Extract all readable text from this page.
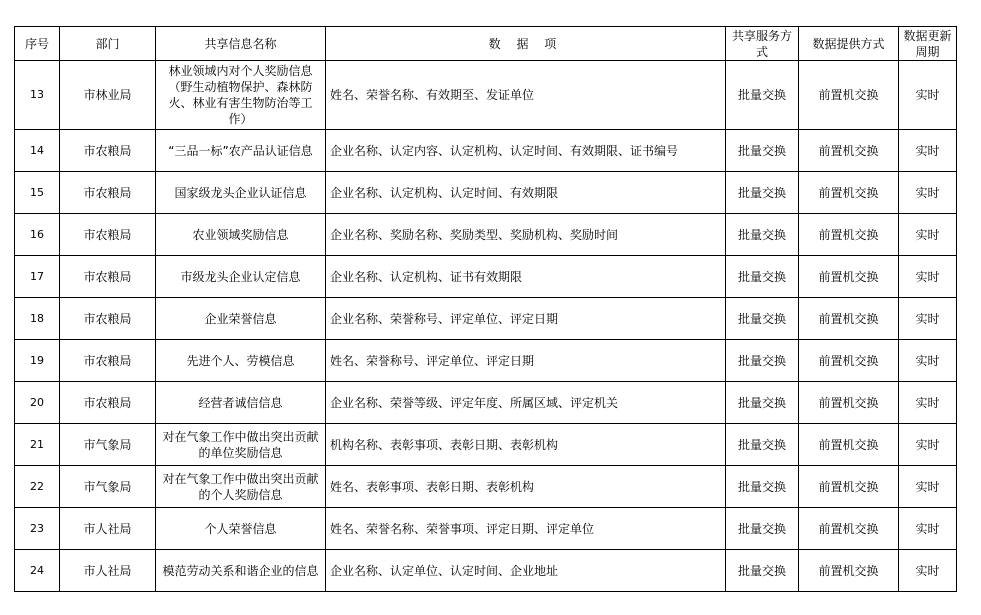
序号	部门	共享信息名称	数 据 项	共享服务方式	数据提供方式	数据更新周期
13	市林业局	林业领域内对个人奖励信息（野生动植物保护、森林防火、林业有害生物防治等工作）	姓名、荣誉名称、有效期至、发证单位	批量交换	前置机交换	实时
14	市农粮局	“三品一标”农产品认证信息	企业名称、认定内容、认定机构、认定时间、有效期限、证书编号	批量交换	前置机交换	实时
15	市农粮局	国家级龙头企业认证信息	企业名称、认定机构、认定时间、有效期限	批量交换	前置机交换	实时
16	市农粮局	农业领域奖励信息	企业名称、奖励名称、奖励类型、奖励机构、奖励时间	批量交换	前置机交换	实时
17	市农粮局	市级龙头企业认定信息	企业名称、认定机构、证书有效期限	批量交换	前置机交换	实时
18	市农粮局	企业荣誉信息	企业名称、荣誉称号、评定单位、评定日期	批量交换	前置机交换	实时
19	市农粮局	先进个人、劳模信息	姓名、荣誉称号、评定单位、评定日期	批量交换	前置机交换	实时
20	市农粮局	经营者诚信信息	企业名称、荣誉等级、评定年度、所属区域、评定机关	批量交换	前置机交换	实时
21	市气象局	对在气象工作中做出突出贡献的单位奖励信息	机构名称、表彰事项、表彰日期、表彰机构	批量交换	前置机交换	实时
22	市气象局	对在气象工作中做出突出贡献的个人奖励信息	姓名、表彰事项、表彰日期、表彰机构	批量交换	前置机交换	实时
23	市人社局	个人荣誉信息	姓名、荣誉名称、荣誉事项、评定日期、评定单位	批量交换	前置机交换	实时
24	市人社局	模范劳动关系和谐企业的信息	企业名称、认定单位、认定时间、企业地址	批量交换	前置机交换	实时
